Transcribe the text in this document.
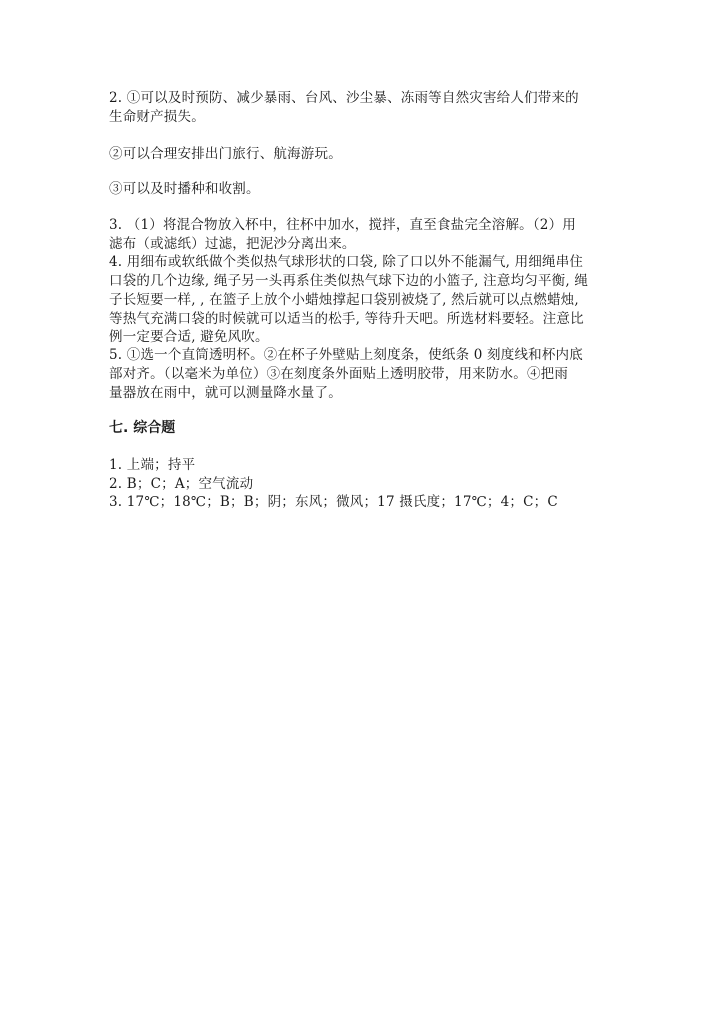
2. ①可以及时预防、减少暴雨、台风、沙尘暴、冻雨等自然灾害给人们带来的
生命财产损失。
②可以合理安排出门旅行、航海游玩。
③可以及时播种和收割。
3. （1）将混合物放入杯中，往杯中加水，搅拌，直至食盐完全溶解。（2）用
滤布（或滤纸）过滤，把泥沙分离出来。
4. 用细布或软纸做个类似热气球形状的口袋, 除了口以外不能漏气, 用细绳串住
口袋的几个边缘, 绳子另一头再系住类似热气球下边的小篮子, 注意均匀平衡, 绳
子长短要一样, , 在篮子上放个小蜡烛撑起口袋别被烧了, 然后就可以点燃蜡烛,
等热气充满口袋的时候就可以适当的松手, 等待升天吧。所选材料要轻。注意比
例一定要合适, 避免风吹。
5. ①选一个直筒透明杯。②在杯子外壁贴上刻度条，使纸条 0 刻度线和杯内底
部对齐。（以毫米为单位）③在刻度条外面贴上透明胶带，用来防水。④把雨
量器放在雨中，就可以测量降水量了。
七. 综合题
1. 上端；持平
2. B；C；A；空气流动
3. 17℃；18℃；B；B；阴；东风；微风；17 摄氏度；17℃；4；C；C
